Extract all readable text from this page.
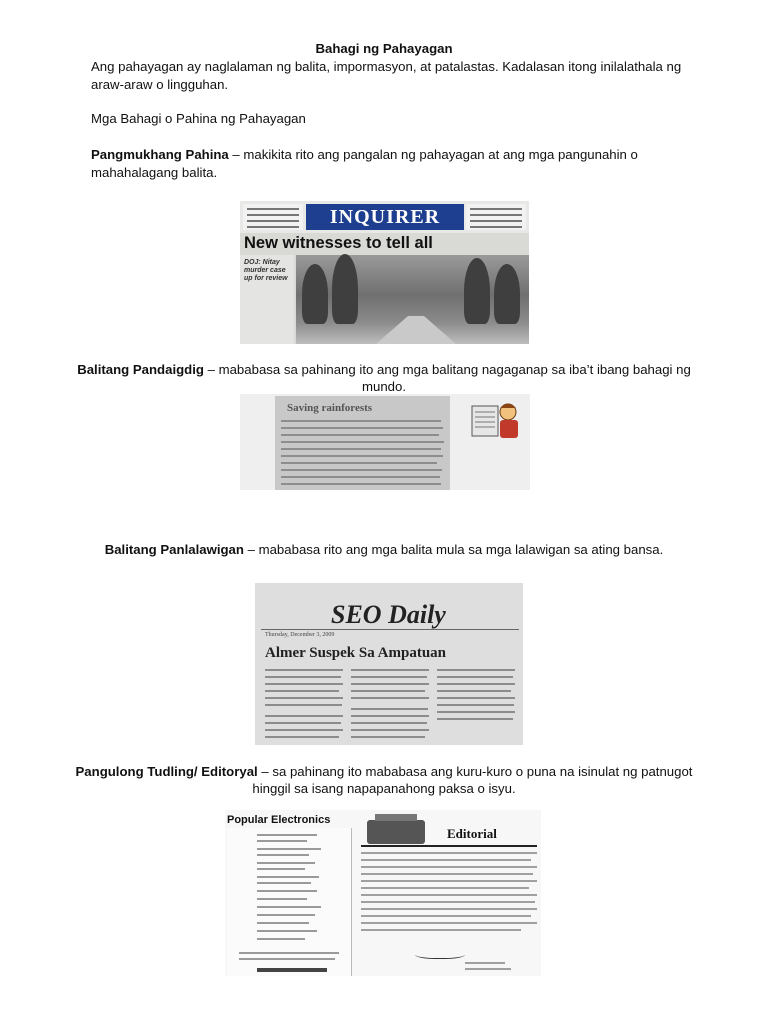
Bahagi ng Pahayagan
Ang pahayagan ay naglalaman ng balita, impormasyon, at patalastas. Kadalasan itong inilalathala ng
araw-araw o lingguhan.
Mga Bahagi o Pahina ng Pahayagan
Pangmukhang Pahina – makikita rito ang pangalan ng pahayagan at ang mga pangunahin o
mahahalagang balita.
INQUIRER
New witnesses to tell all
DOJ: Nitay murder case up for review
Balitang Pandaigdig – mababasa sa pahinang ito ang mga balitang nagaganap sa iba’t ibang bahagi ng
mundo.
Saving rainforests
Balitang Panlalawigan – mababasa rito ang mga balita mula sa mga lalawigan sa ating bansa.
SEO Daily
Thursday, December 3, 2009
Almer Suspek Sa Ampatuan
Pangulong Tudling/ Editoryal – sa pahinang ito mababasa ang kuru-kuro o puna na isinulat ng patnugot
hinggil sa isang napapanahong paksa o isyu.
Popular Electronics
Editorial
